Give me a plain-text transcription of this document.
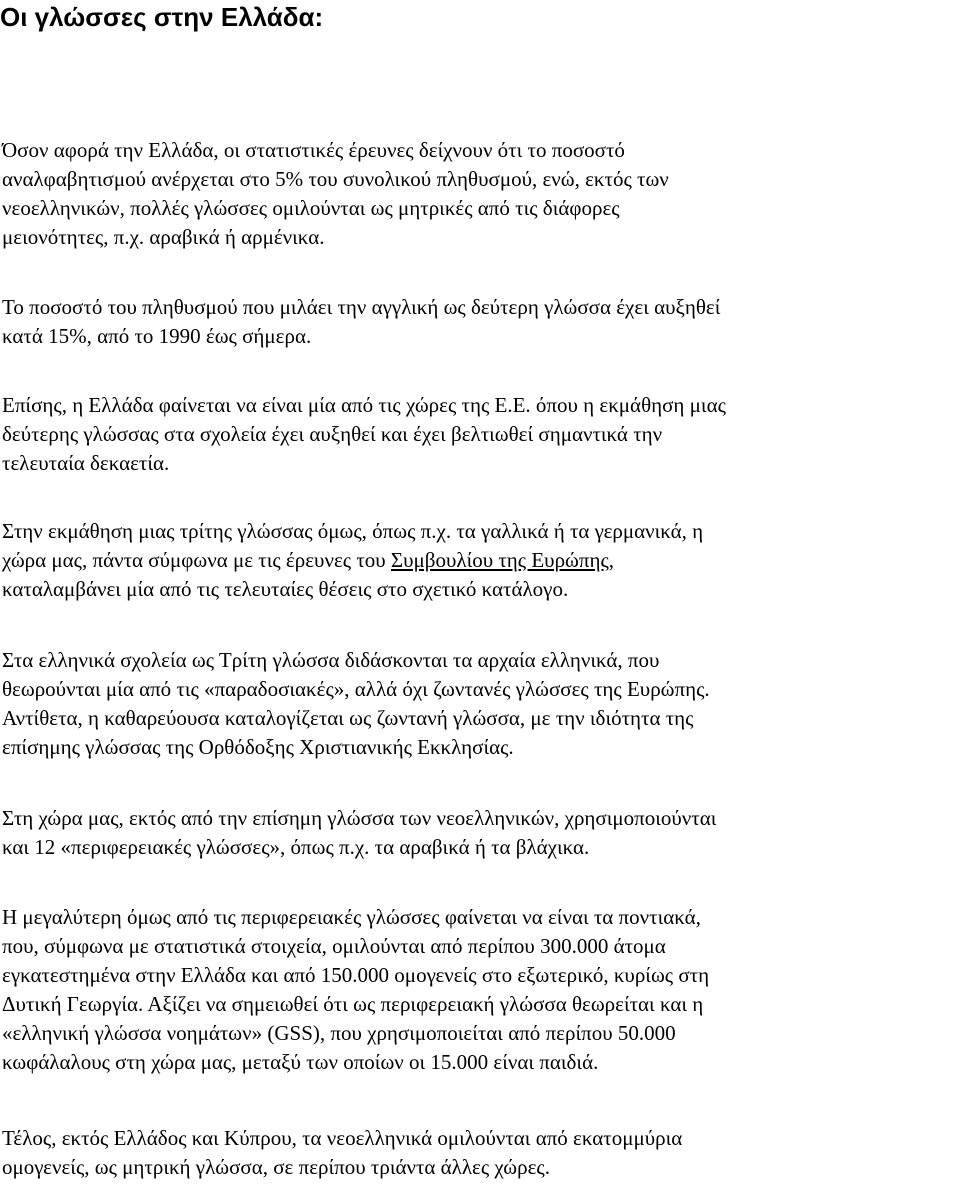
Οι γλώσσες στην Ελλάδα:

Όσον αφορά την Ελλάδα, οι στατιστικές έρευνες δείχνουν ότι το ποσοστό
αναλφαβητισμού ανέρχεται στο 5% του συνολικού πληθυσμού, ενώ, εκτός των
νεοελληνικών, πολλές γλώσσες ομιλούνται ως μητρικές από τις διάφορες
μειονότητες, π.χ. αραβικά ή αρμένικα.

Το ποσοστό του πληθυσμού που μιλάει την αγγλική ως δεύτερη γλώσσα έχει αυξηθεί
κατά 15%, από το 1990 έως σήμερα.

Επίσης, η Ελλάδα φαίνεται να είναι μία από τις χώρες της Ε.Ε. όπου η εκμάθηση μιας
δεύτερης γλώσσας στα σχολεία έχει αυξηθεί και έχει βελτιωθεί σημαντικά την
τελευταία δεκαετία.

Στην εκμάθηση μιας τρίτης γλώσσας όμως, όπως π.χ. τα γαλλικά ή τα γερμανικά, η
χώρα μας, πάντα σύμφωνα με τις έρευνες του Συμβουλίου της Ευρώπης,
καταλαμβάνει μία από τις τελευταίες θέσεις στο σχετικό κατάλογο.

Στα ελληνικά σχολεία ως Τρίτη γλώσσα διδάσκονται τα αρχαία ελληνικά, που
θεωρούνται μία από τις «παραδοσιακές», αλλά όχι ζωντανές γλώσσες της Ευρώπης.
Αντίθετα, η καθαρεύουσα καταλογίζεται ως ζωντανή γλώσσα, με την ιδιότητα της
επίσημης γλώσσας της Ορθόδοξης Χριστιανικής Εκκλησίας.

Στη χώρα μας, εκτός από την επίσημη γλώσσα των νεοελληνικών, χρησιμοποιούνται
και 12 «περιφερειακές γλώσσες», όπως π.χ. τα αραβικά ή τα βλάχικα.

Η μεγαλύτερη όμως από τις περιφερειακές γλώσσες φαίνεται να είναι τα ποντιακά,
που, σύμφωνα με στατιστικά στοιχεία, ομιλούνται από περίπου 300.000 άτομα
εγκατεστημένα στην Ελλάδα και από 150.000 ομογενείς στο εξωτερικό, κυρίως στη
Δυτική Γεωργία. Αξίζει να σημειωθεί ότι ως περιφερειακή γλώσσα θεωρείται και η
«ελληνική γλώσσα νοημάτων» (GSS), που χρησιμοποιείται από περίπου 50.000
κωφάλαλους στη χώρα μας, μεταξύ των οποίων οι 15.000 είναι παιδιά.

Τέλος, εκτός Ελλάδος και Κύπρου, τα νεοελληνικά ομιλούνται από εκατομμύρια
ομογενείς, ως μητρική γλώσσα, σε περίπου τριάντα άλλες χώρες.
